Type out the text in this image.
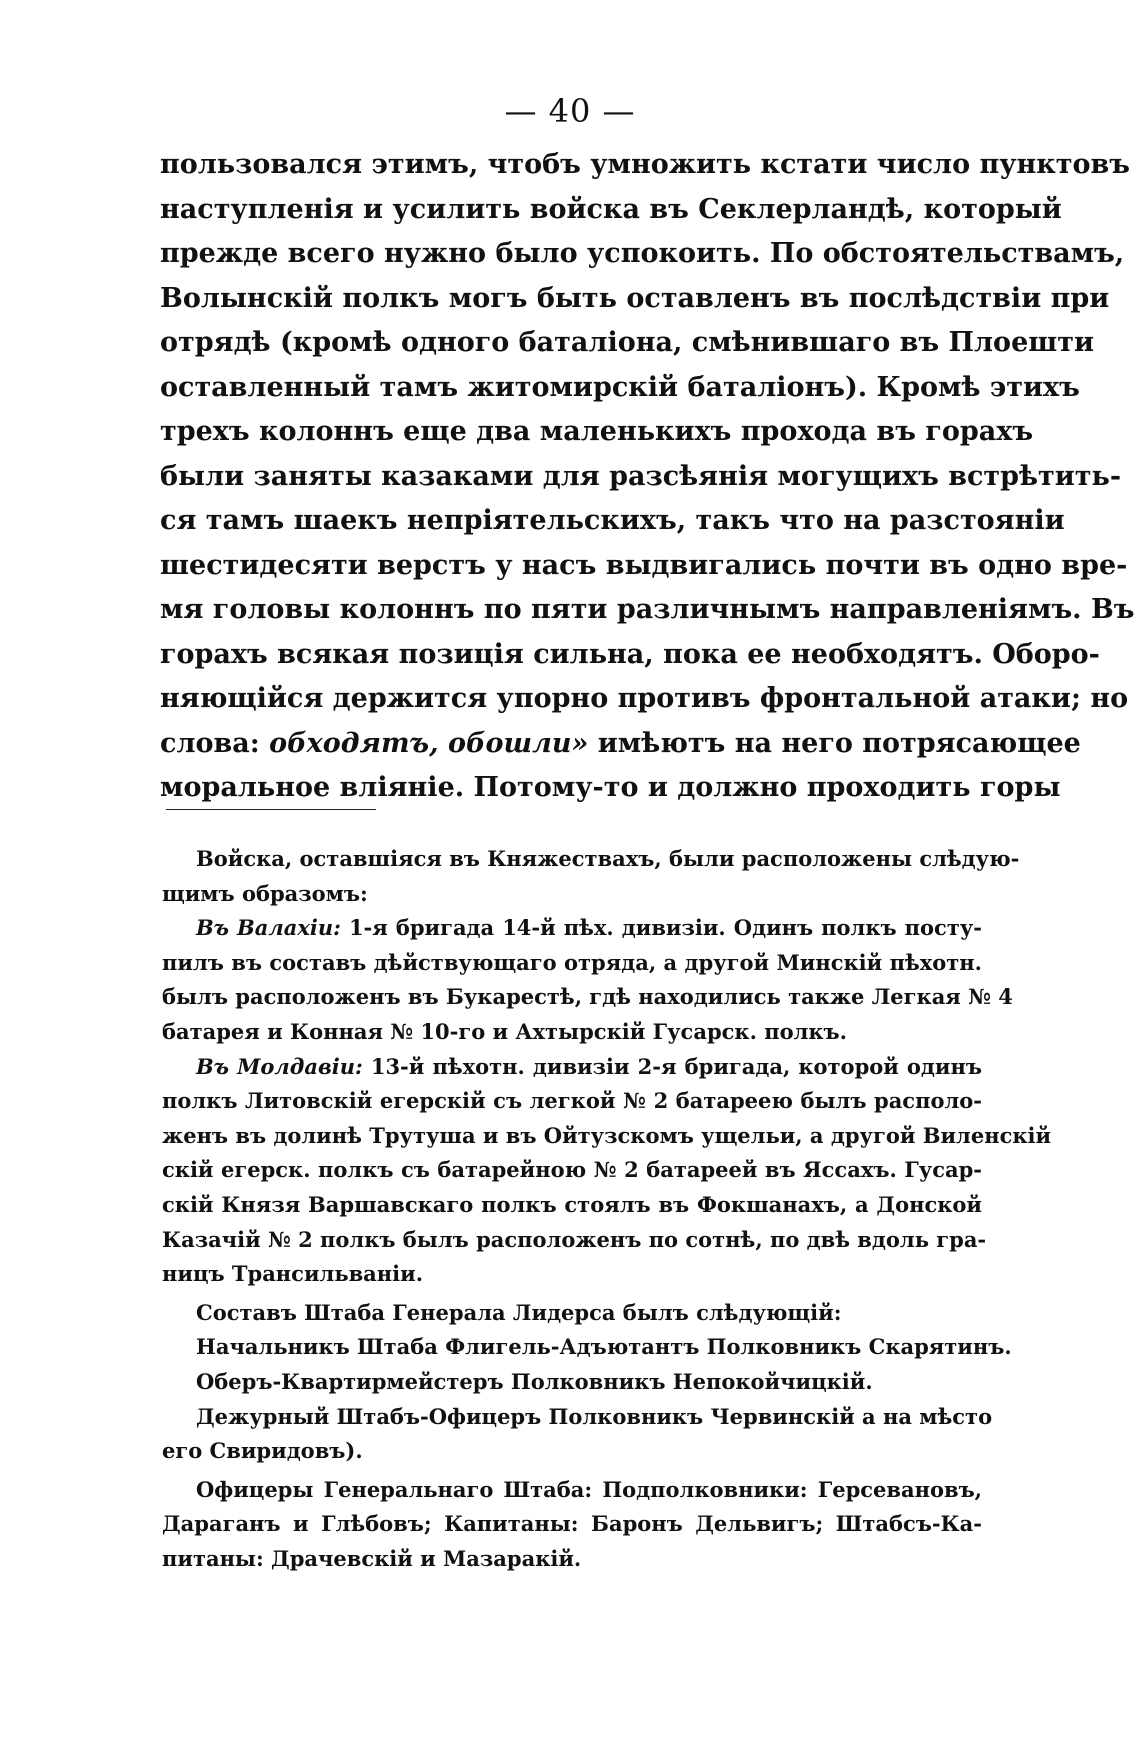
— 40 —
пользовался этимъ, чтобъ умножить кстати число пунктовъ
наступленія и усилить войска въ Секлерландѣ, который
прежде всего нужно было успокоить. По обстоятельствамъ,
Волынскій полкъ могъ быть оставленъ въ послѣдствіи при
отрядѣ (кромѣ одного баталіона, смѣнившаго въ Плоешти
оставленный тамъ житомирскій баталіонъ). Кромѣ этихъ
трехъ колоннъ еще два маленькихъ прохода въ горахъ
были заняты казаками для разсѣянія могущихъ встрѣтить-
ся тамъ шаекъ непріятельскихъ, такъ что на разстояніи
шестидесяти верстъ у насъ выдвигались почти въ одно вре-
мя головы колоннъ по пяти различнымъ направленіямъ. Въ
горахъ всякая позиція сильна, пока ее необходятъ. Оборо-
няющійся держится упорно противъ фронтальной атаки; но
слова: обходятъ, обошли» имѣютъ на него потрясающее
моральное вліяніе. Потому-то и должно проходить горы
Войска, оставшіяся въ Княжествахъ, были расположены слѣдую-
щимъ образомъ:
Въ Валахіи: 1-я бригада 14-й пѣх. дивизіи. Одинъ полкъ посту-
пилъ въ составъ дѣйствующаго отряда, а другой Минскій пѣхотн.
былъ расположенъ въ Букарестѣ, гдѣ находились также Легкая № 4
батарея и Конная № 10-го и Ахтырскій Гусарск. полкъ.
Въ Молдавіи: 13-й пѣхотн. дивизіи 2-я бригада, которой одинъ
полкъ Литовскій егерскій съ легкой № 2 батареею былъ располо-
женъ въ долинѣ Трутуша и въ Ойтузскомъ ущельи, а другой Виленскій
скій егерск. полкъ съ батарейною № 2 батареей въ Яссахъ. Гусар-
скій Князя Варшавскаго полкъ стоялъ въ Фокшанахъ, а Донской
Казачій № 2 полкъ былъ расположенъ по сотнѣ, по двѣ вдоль гра-
ницъ Трансильваніи.
Составъ Штаба Генерала Лидерса былъ слѣдующій:
Начальникъ Штаба Флигель-Адъютантъ Полковникъ Скарятинъ.
Оберъ-Квартирмейстеръ Полковникъ Непокойчицкій.
Дежурный Штабъ-Офицеръ Полковникъ Червинскій а на мѣсто
его Свиридовъ).
Офицеры Генеральнаго Штаба: Подполковники: Герсевановъ,
Дараганъ и Глѣбовъ; Капитаны: Баронъ Дельвигъ; Штабсъ-Ка-
питаны: Драчевскій и Мазаракій.
